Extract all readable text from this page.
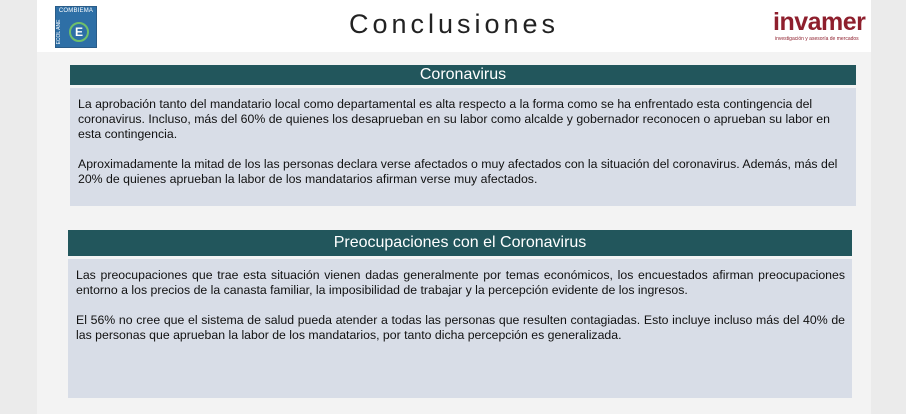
COMBIEMA
ECOL ANE	E	Conclusiones	invamer
investigación y asesoría de mercados
Coronavirus

La aprobación tanto del mandatario local como departamental es alta respecto a la forma como se ha enfrentado esta contingencia del coronavirus. Incluso, más del 60% de quienes los desaprueban en su labor como alcalde y gobernador reconocen o aprueban su labor en esta contingencia.

Aproximadamente la mitad de los las personas declara verse afectados o muy afectados con la situación del coronavirus. Además, más del 20% de quienes aprueban la labor de los mandatarios afirman verse muy afectados.

Preocupaciones con el Coronavirus

Las preocupaciones que trae esta situación vienen dadas generalmente por temas económicos, los encuestados afirman preocupaciones entorno a los precios de la canasta familiar, la imposibilidad de trabajar y la percepción evidente de los ingresos.

El 56% no cree que el sistema de salud pueda atender a todas las personas que resulten contagiadas. Esto incluye incluso más del 40% de las personas que aprueban la labor de los mandatarios, por tanto dicha percepción es generalizada.
